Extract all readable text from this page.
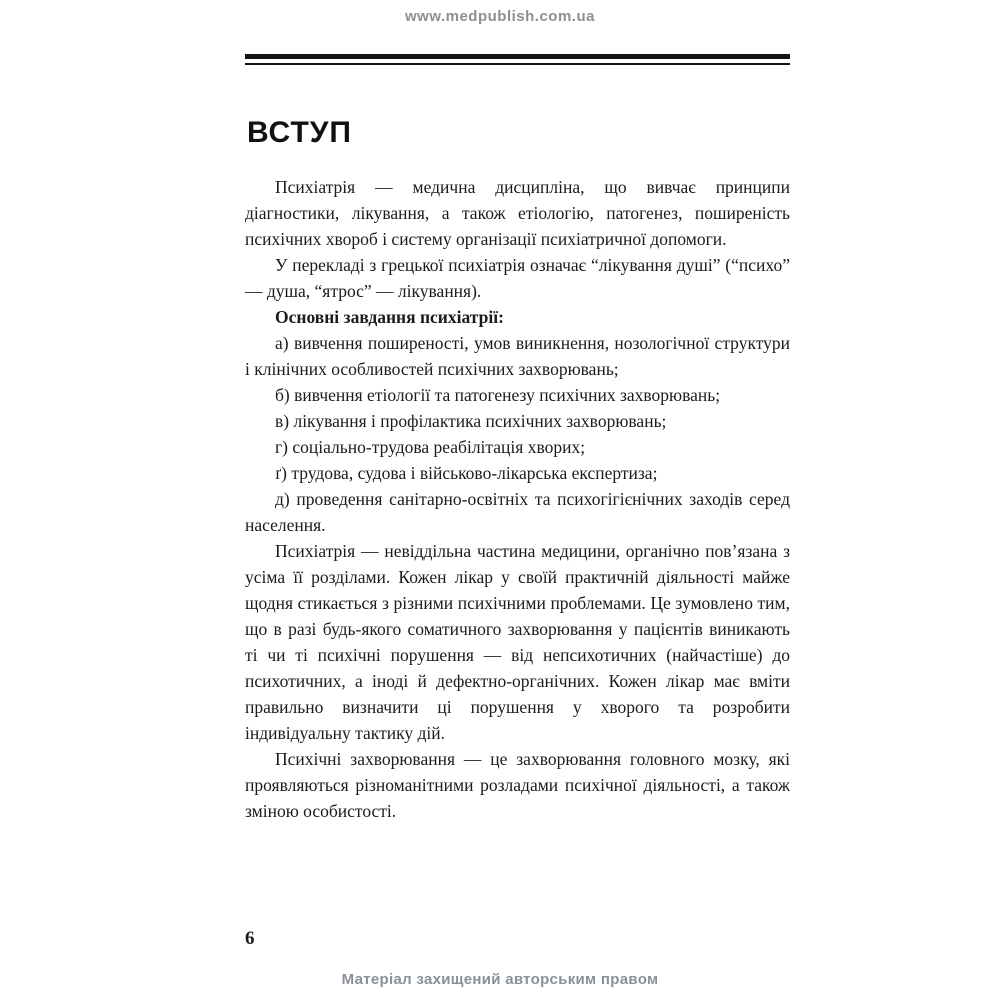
www.medpublish.com.ua
ВСТУП

Психіатрія — медична дисципліна, що вивчає принципи діагностики, лікування, а також етіологію, патогенез, поширеність психічних хвороб і систему організації психіатричної допомоги.

У перекладі з грецької психіатрія означає “лікування душі” (“психо” — душа, “ятрос” — лікування).

Основні завдання психіатрії:

а) вивчення поширеності, умов виникнення, нозологічної структури і клінічних особливостей психічних захворювань;

б) вивчення етіології та патогенезу психічних захворювань;

в) лікування і профілактика психічних захворювань;

г) соціально-трудова реабілітація хворих;

ґ) трудова, судова і військово-лікарська експертиза;

д) проведення санітарно-освітніх та психогігієнічних заходів серед населення.

Психіатрія — невіддільна частина медицини, органічно пов’язана з усіма її розділами. Кожен лікар у своїй практичній діяльності майже щодня стикається з різними психічними проблемами. Це зумовлено тим, що в разі будь-якого соматичного захворювання у пацієнтів виникають ті чи ті психічні порушення — від непсихотичних (найчастіше) до психотичних, а іноді й дефектно-органічних. Кожен лікар має вміти правильно визначити ці порушення у хворого та розробити індивідуальну тактику дій.

Психічні захворювання — це захворювання головного мозку, які проявляються різноманітними розладами психічної діяльності, а також зміною особистості.

6
Матеріал захищений авторським правом
